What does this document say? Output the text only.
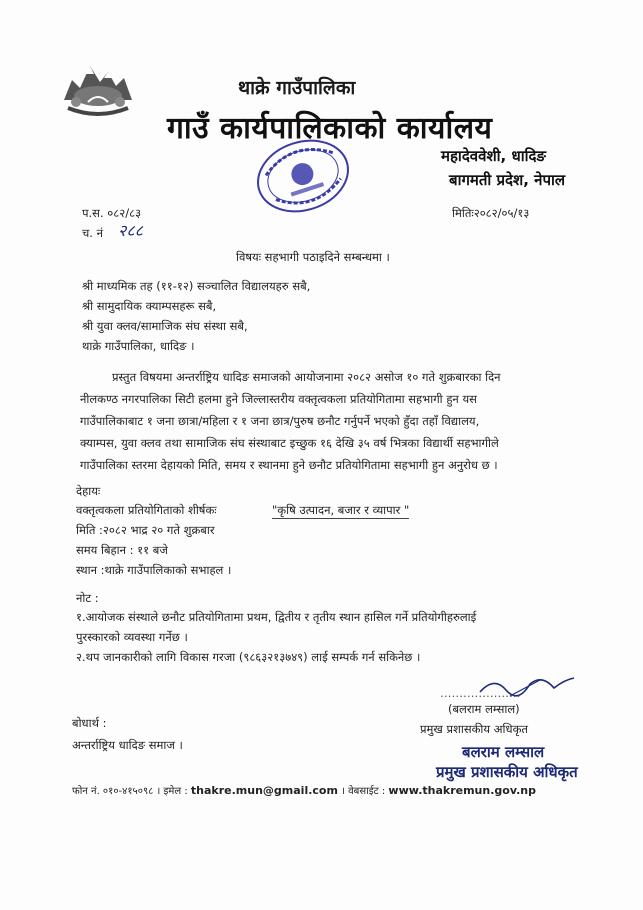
थाक्रे गाउँपालिका
गाउँ कार्यपालिकाको कार्यालय
महादेववेशी, धादिङ
बागमती प्रदेश, नेपाल
प.स. ०८२/८३
च. नं २८८
मितिः२०८२/०५/१३
विषयः सहभागी पठाइदिने सम्बन्धमा ।
श्री माध्यमिक तह (११-१२) सञ्चालित विद्यालयहरु सबै,
श्री सामुदायिक क्याम्पसहरू सबै,
श्री युवा क्लव/सामाजिक संघ संस्था सबै,
थाक्रे गाउँपालिका, धादिङ ।
प्रस्तुत विषयमा अन्तर्राष्ट्रिय धादिङ समाजको आयोजनामा २०८२ असोज १० गते शुक्रबारका दिन
नीलकण्ठ नगरपालिका सिटी हलमा हुने जिल्लास्तरीय वक्तृत्वकला प्रतियोगितामा सहभागी हुन यस
गाउँपालिकाबाट १ जना छात्रा/महिला र १ जना छात्र/पुरुष छनौट गर्नुपर्ने भएको हुँदा तहाँ विद्यालय,
क्याम्पस, युवा क्लव तथा सामाजिक संघ संस्थाबाट इच्छुक १६ देखि ३५ वर्ष भित्रका विद्यार्थी सहभागीले
गाउँपालिका स्तरमा देहायको मिति, समय र स्थानमा हुने छनौट प्रतियोगितामा सहभागी हुन अनुरोध छ ।
देहायः
वक्तृत्वकला प्रतियोगिताको शीर्षकः	"कृषि उत्पादन, बजार र व्यापार "
मिति :२०८२ भाद्र २० गते शुक्रबार
समय बिहान : ११ बजे
स्थान :थाक्रे गाउँपालिकाको सभाहल ।
नोट :
१.आयोजक संस्थाले छनौट प्रतियोगितामा प्रथम, द्वितीय र तृतीय स्थान हासिल गर्ने प्रतियोगीहरुलाई
पुरस्कारको व्यवस्था गर्नेछ ।
२.थप जानकारीको लागि विकास गरजा (९८६३२१३७४९) लाई सम्पर्क गर्न सकिनेछ ।
…………………
(बलराम लम्साल)
प्रमुख प्रशासकीय अधिकृत
बलराम लम्साल
प्रमुख प्रशासकीय अधिकृत
बोधार्थ :
अन्तर्राष्ट्रिय धादिङ समाज ।
फोन नं. ०१०-४१५०९८ । इमेल : thakre.mun@gmail.com । वेबसाईट : www.thakremun.gov.np
